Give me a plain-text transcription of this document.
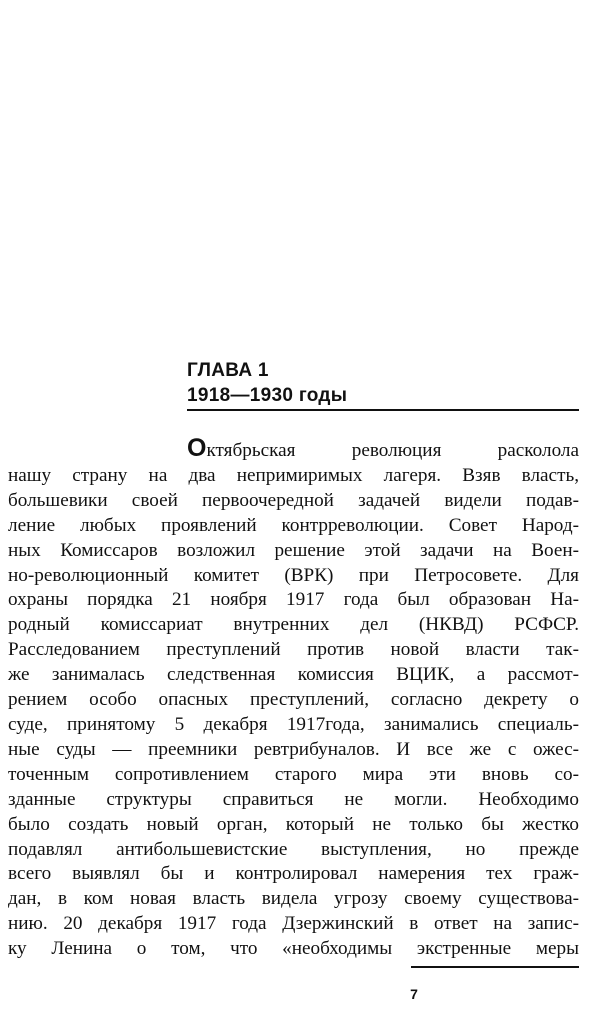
ГЛАВА 1
1918—1930 годы
Октябрьская революция расколола
нашу страну на два непримиримых лагеря. Взяв власть,
большевики своей первоочередной задачей видели подав-
ление любых проявлений контрреволюции. Совет Народ-
ных Комиссаров возложил решение этой задачи на Воен-
но-революционный комитет (ВРК) при Петросовете. Для
охраны порядка 21 ноября 1917 года был образован На-
родный комиссариат внутренних дел (НКВД) РСФСР.
Расследованием преступлений против новой власти так-
же занималась следственная комиссия ВЦИК, а рассмот-
рением особо опасных преступлений, согласно декрету о
суде, принятому 5 декабря 1917года, занимались специаль-
ные суды — преемники ревтрибуналов. И все же с ожес-
точенным сопротивлением старого мира эти вновь со-
зданные структуры справиться не могли. Необходимо
было создать новый орган, который не только бы жестко
подавлял антибольшевистские выступления, но прежде
всего выявлял бы и контролировал намерения тех граж-
дан, в ком новая власть видела угрозу своему существова-
нию. 20 декабря 1917 года Дзержинский в ответ на запис-
ку Ленина о том, что «необходимы экстренные меры
7
